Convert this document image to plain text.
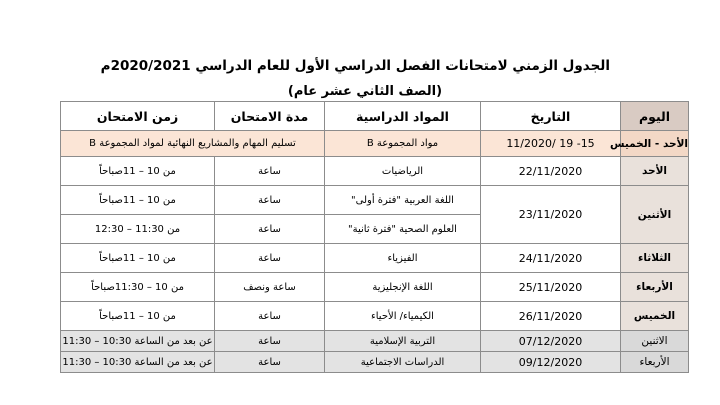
الجدول الزمني لامتحانات الفصل الدراسي الأول للعام الدراسي 2020/2021م
(الصف الثاني عشر عام)
اليوم	التاريخ	المواد الدراسية	مدة الامتحان	زمن الامتحان
الأحد - الخميس	15- 19 /11/2020	مواد المجموعة B	تسليم المهام والمشاريع النهائية لمواد المجموعة B	
الأحد	22/11/2020	الرياضيات	ساعة	من 10 – 11صباحاً
الأثنين	23/11/2020	اللغة العربية "فترة أولى"	ساعة	من 10 – 11صباحاً
		العلوم الصحية "فترة ثانية"	ساعة	من 11:30 – 12:30
الثلاثاء	24/11/2020	الفيزياء	ساعة	من 10 – 11صباحاً
الأربعاء	25/11/2020	اللغة الإنجليزية	ساعة ونصف	من 10 – 11:30صباحاً
الخميس	26/11/2020	الكيمياء/ الأحياء	ساعة	من 10 – 11صباحاً
الاثنين	07/12/2020	التربية الإسلامية	ساعة	عن بعد من الساعة 10:30 – 11:30
الأربعاء	09/12/2020	الدراسات الاجتماعية	ساعة	عن بعد من الساعة 10:30 – 11:30
